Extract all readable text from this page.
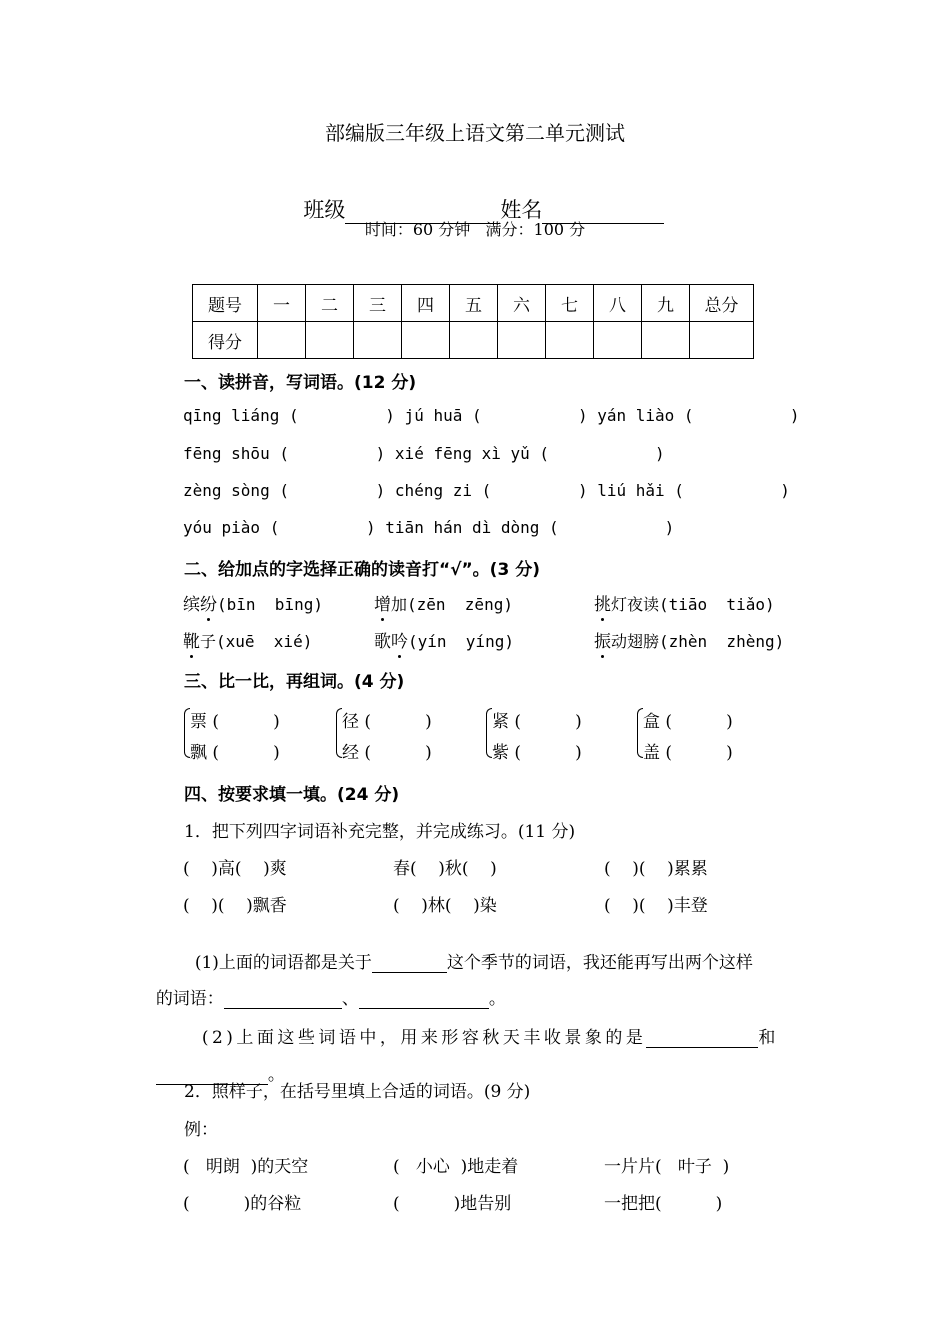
部编版三年级上语文第二单元测试

班级	姓名

时间：60 分钟   满分：100 分
题号	一	二	三	四	五	六	七	八	九	总分
得分										
一、读拼音，写词语。(12 分)
qīng liáng (         ) jú huā (          ) yán liào (          )
fēng shōu (         ) xié fēng xì yǔ (           )
zèng sòng (         ) chéng zi (         ) liú hǎi (          )
yóu piào (         ) tiān hán dì dòng (           )
二、给加点的字选择正确的读音打“√”。(3 分)
缤纷(bīn  bīng)	增加(zēn  zēng)	挑灯夜读(tiāo  tiǎo)
靴子(xuē  xié)	歌吟(yín  yíng)	振动翅膀(zhèn  zhèng)
三、比一比，再组词。(4 分)
票 (          )
飘 (          )
径 (          )
经 (          )
紧 (          )
紫 (          )
盒 (          )
盖 (          )
四、按要求填一填。(24 分)
1．把下列四字词语补充完整，并完成练习。(11 分)
(    )高(    )爽	春(    )秋(    )	(    )(    )累累
(    )(    )飘香	(    )林(    )染	(    )(    )丰登

(1)上面的词语都是关于	这个季节的词语，我还能再写出两个这样

的词语：	、	。

(2)上面这些词语中，用来形容秋天丰收景象的是	和

。

2．照样子，在括号里填上合适的词语。(9 分)
例：
(   明朗  )的天空	(   小心  )地走着	一片片(   叶子  )
(          )的谷粒	(          )地告别	一把把(          )
